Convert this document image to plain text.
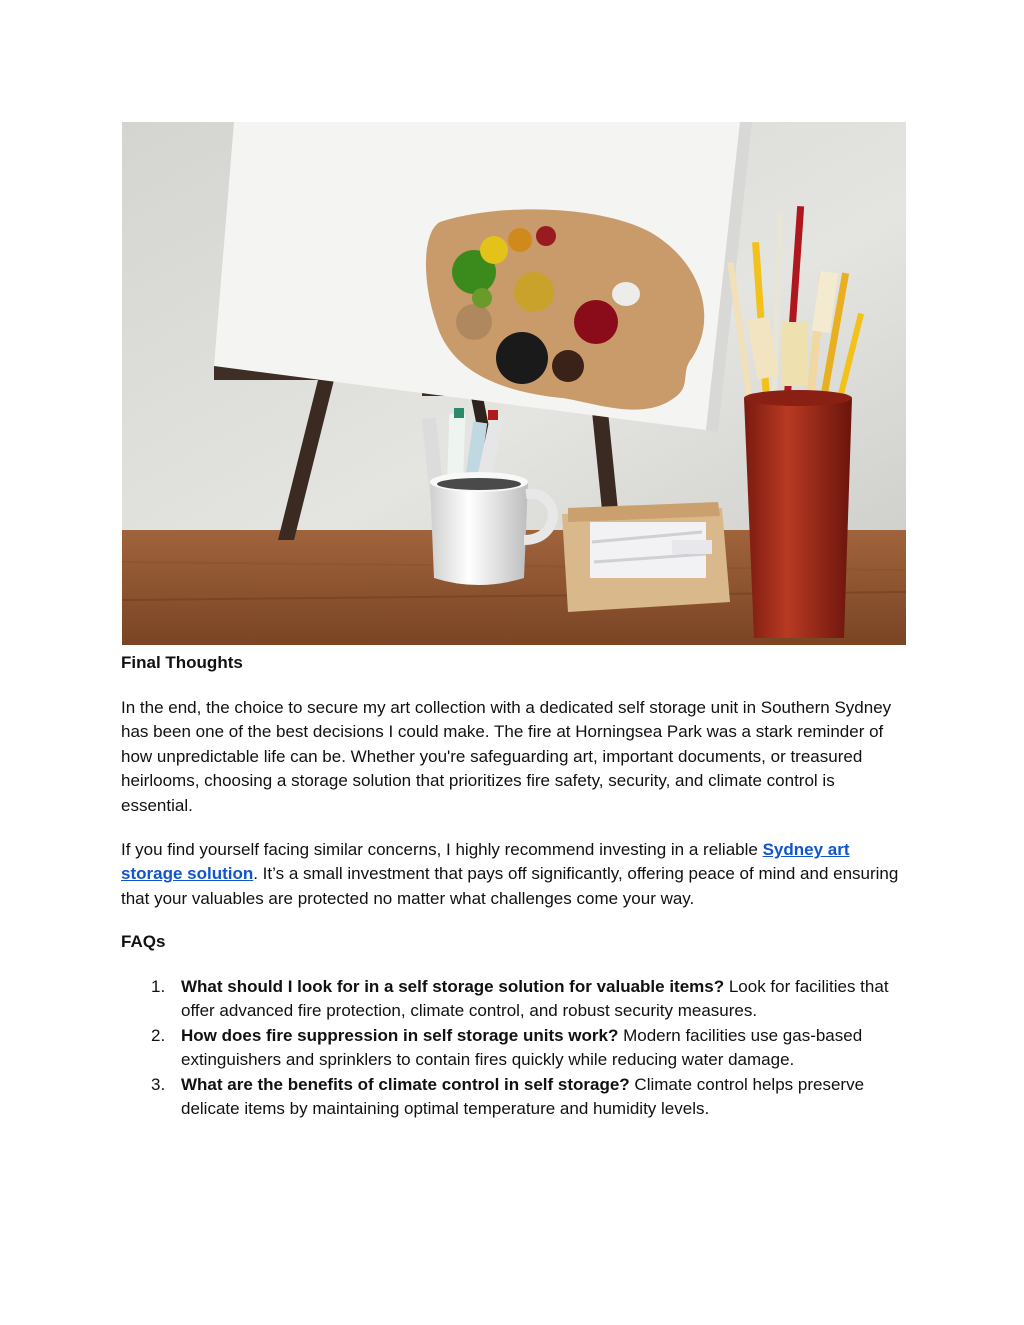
Final Thoughts

In the end, the choice to secure my art collection with a dedicated self storage unit in Southern Sydney has been one of the best decisions I could make. The fire at Horningsea Park was a stark reminder of how unpredictable life can be. Whether you're safeguarding art, important documents, or treasured heirlooms, choosing a storage solution that prioritizes fire safety, security, and climate control is essential.

If you find yourself facing similar concerns, I highly recommend investing in a reliable Sydney art storage solution. It’s a small investment that pays off significantly, offering peace of mind and ensuring that your valuables are protected no matter what challenges come your way.

FAQs
1. What should I look for in a self storage solution for valuable items? Look for facilities that offer advanced fire protection, climate control, and robust security measures.
2. How does fire suppression in self storage units work? Modern facilities use gas-based extinguishers and sprinklers to contain fires quickly while reducing water damage.
3. What are the benefits of climate control in self storage? Climate control helps preserve delicate items by maintaining optimal temperature and humidity levels.
